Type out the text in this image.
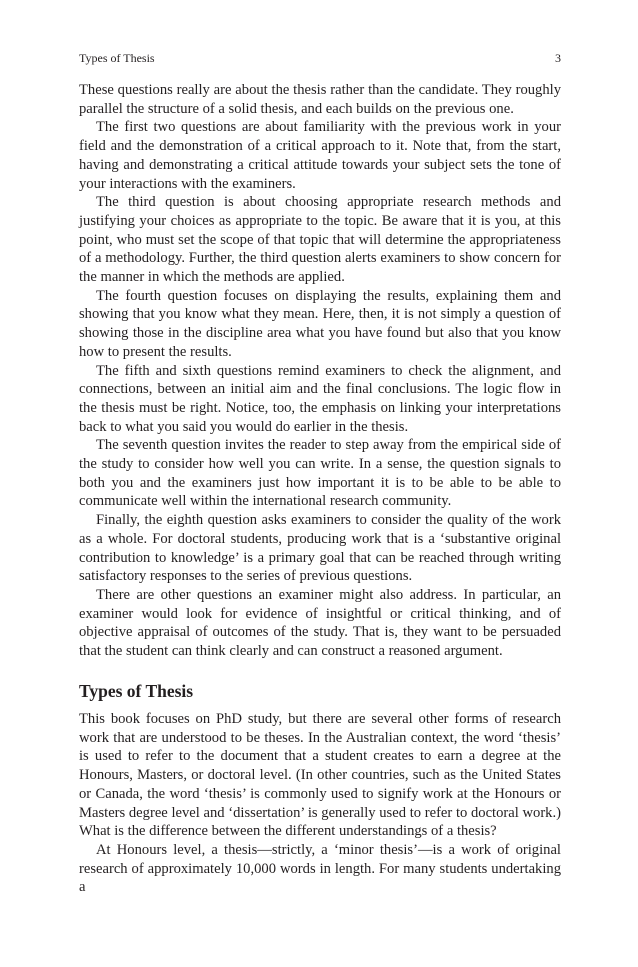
Types of Thesis	3

These questions really are about the thesis rather than the candidate. They roughly parallel the structure of a solid thesis, and each builds on the previous one.

The first two questions are about familiarity with the previous work in your field and the demonstration of a critical approach to it. Note that, from the start, having and demonstrating a critical attitude towards your subject sets the tone of your interactions with the examiners.

The third question is about choosing appropriate research methods and justifying your choices as appropriate to the topic. Be aware that it is you, at this point, who must set the scope of that topic that will determine the appropriateness of a methodology. Further, the third question alerts examiners to show concern for the manner in which the methods are applied.

The fourth question focuses on displaying the results, explaining them and showing that you know what they mean. Here, then, it is not simply a question of showing those in the discipline area what you have found but also that you know how to present the results.

The fifth and sixth questions remind examiners to check the alignment, and connections, between an initial aim and the final conclusions. The logic flow in the thesis must be right. Notice, too, the emphasis on linking your interpretations back to what you said you would do earlier in the thesis.

The seventh question invites the reader to step away from the empirical side of the study to consider how well you can write. In a sense, the question signals to both you and the examiners just how important it is to be able to be able to communicate well within the international research community.

Finally, the eighth question asks examiners to consider the quality of the work as a whole. For doctoral students, producing work that is a ‘substantive original contribution to knowledge’ is a primary goal that can be reached through writing satisfactory responses to the series of previous questions.

There are other questions an examiner might also address. In particular, an examiner would look for evidence of insightful or critical thinking, and of objective appraisal of outcomes of the study. That is, they want to be persuaded that the student can think clearly and can construct a reasoned argument.

Types of Thesis

This book focuses on PhD study, but there are several other forms of research work that are understood to be theses. In the Australian context, the word ‘thesis’ is used to refer to the document that a student creates to earn a degree at the Honours, Masters, or doctoral level. (In other countries, such as the United States or Canada, the word ‘thesis’ is commonly used to signify work at the Honours or Masters degree level and ‘dissertation’ is generally used to refer to doctoral work.) What is the difference between the different understandings of a thesis?

At Honours level, a thesis—strictly, a ‘minor thesis’—is a work of original research of approximately 10,000 words in length. For many students undertaking a
